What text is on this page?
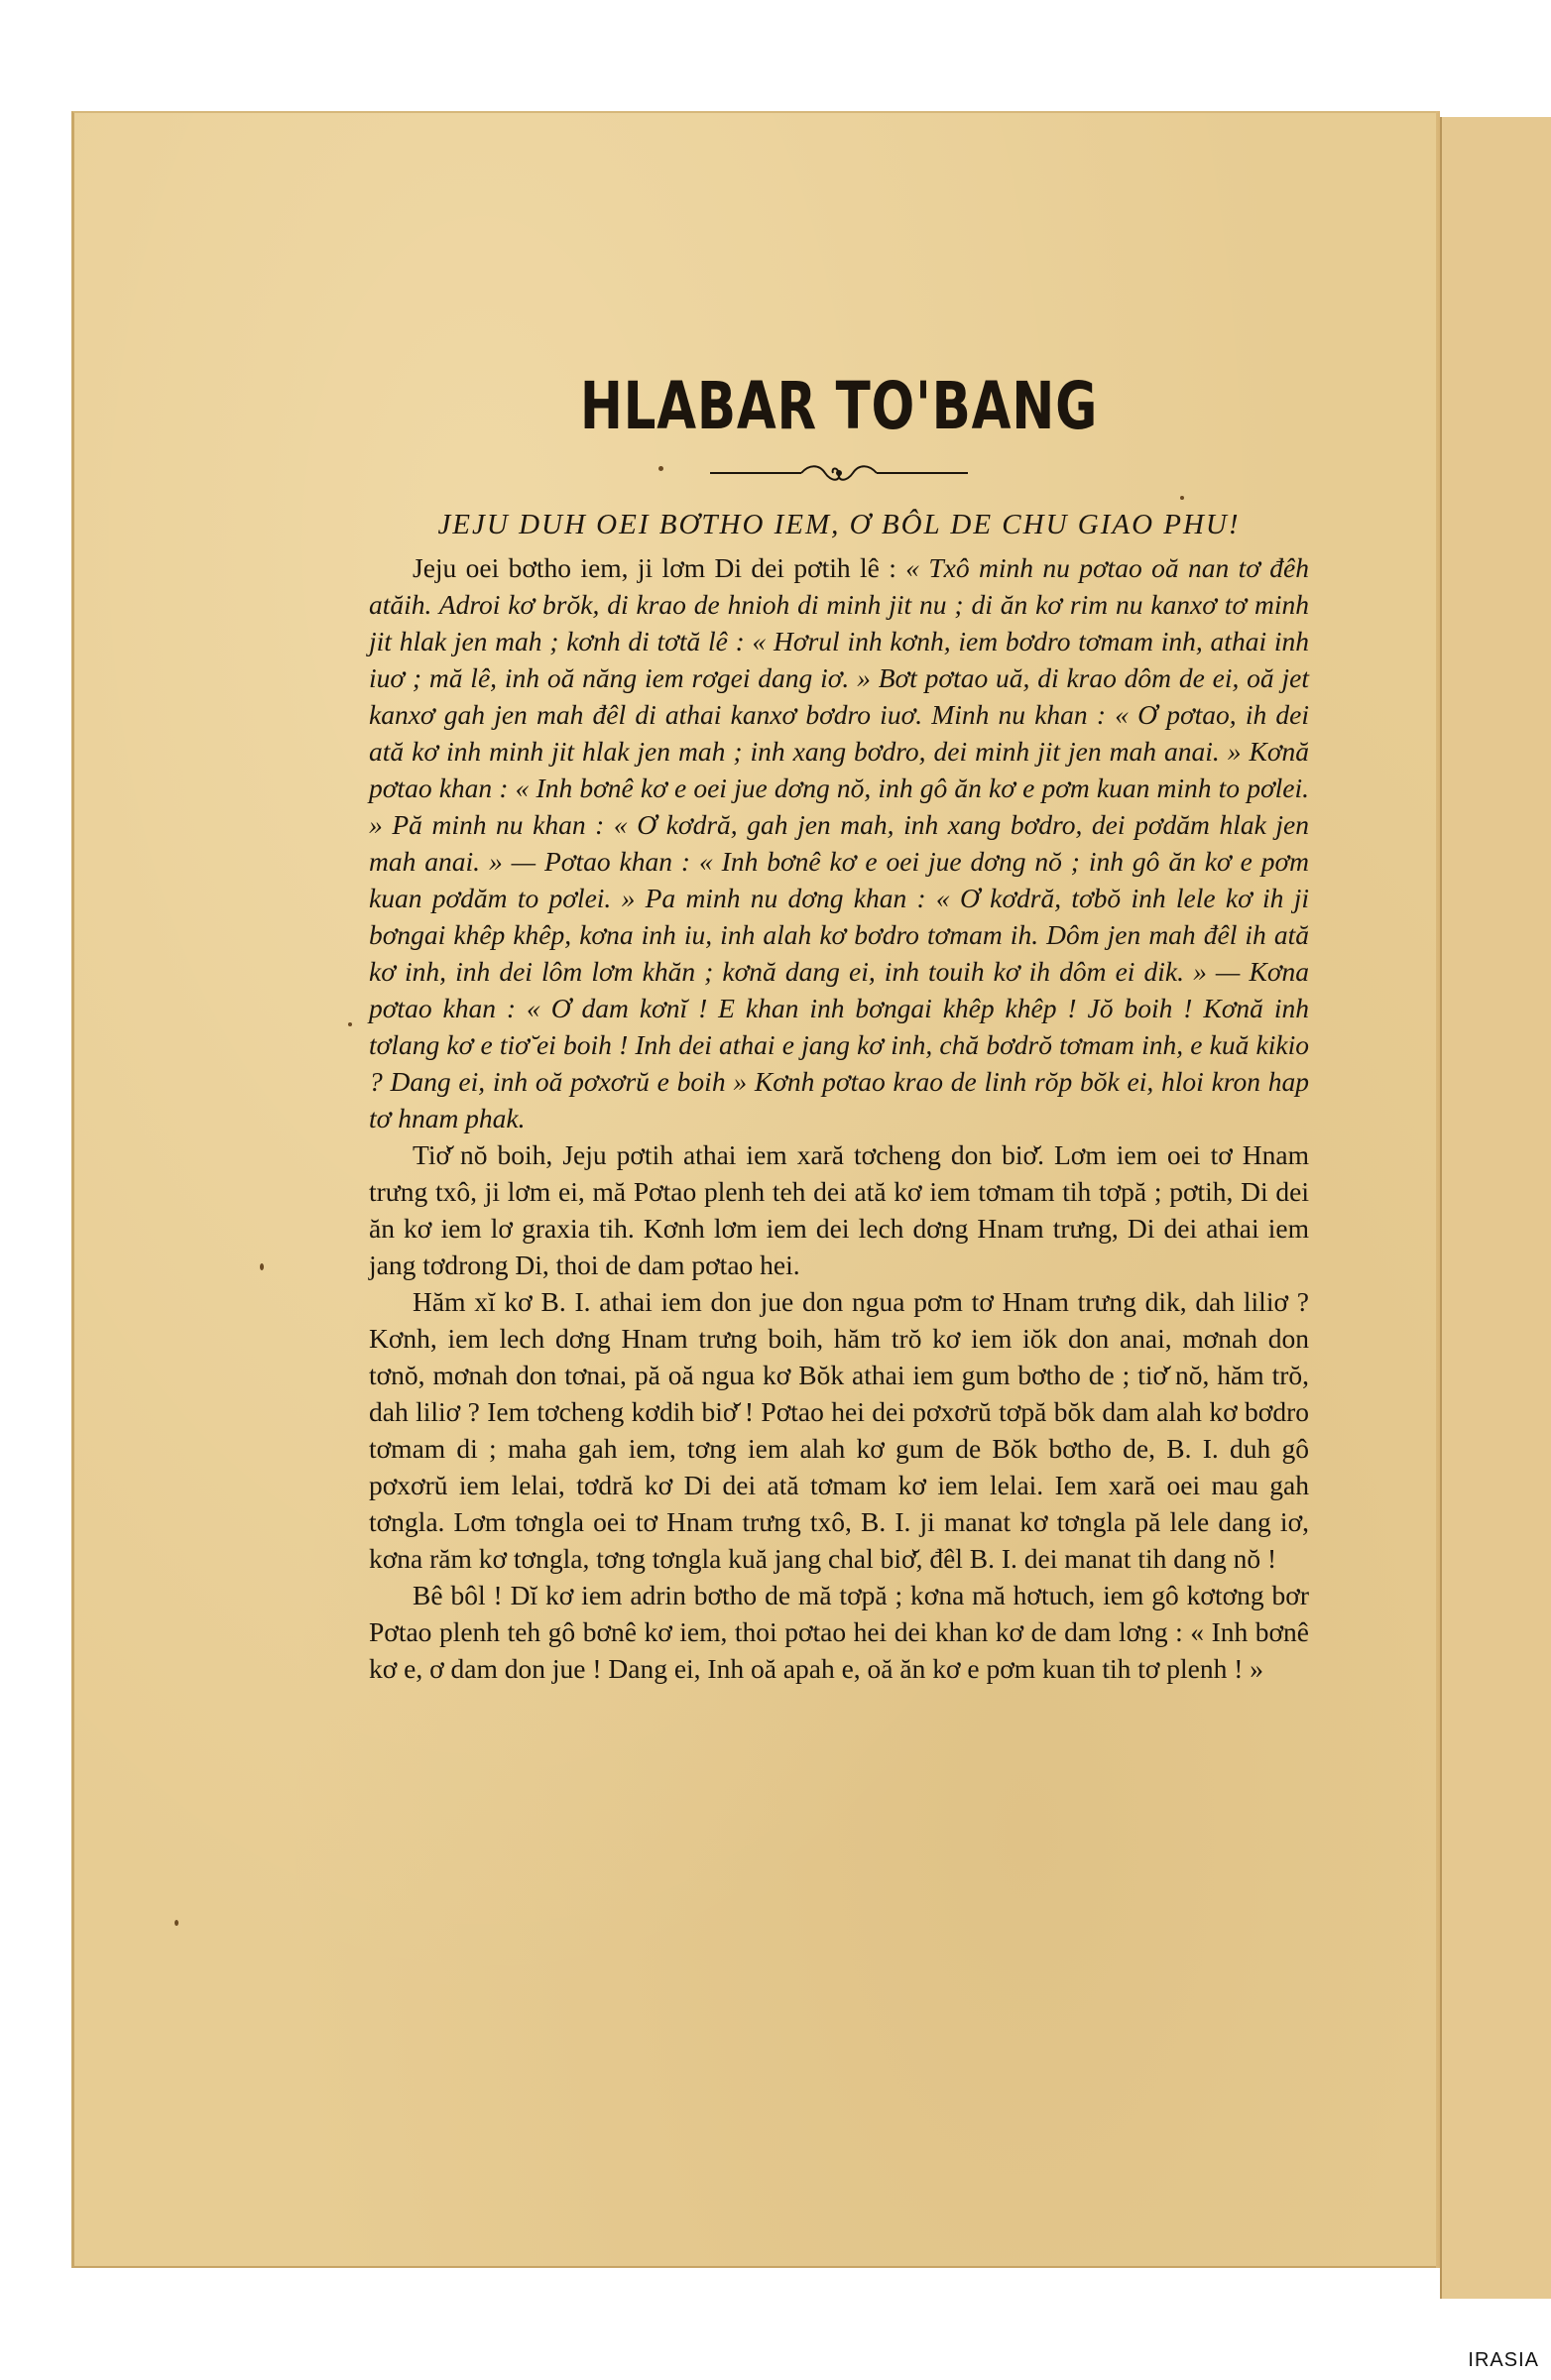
HLABAR TO'BANG

JEJU DUH OEI BƠTHO IEM, Ơ BÔL DE CHU GIAO PHU!

Jeju oei bơtho iem, ji lơm Di dei pơtih lê : « Txô minh nu pơtao oă nan tơ đêh atăih. Adroi kơ brŏk, di krao de hnioh di minh jit nu ; di ăn kơ rim nu kanxơ tơ minh jit hlak jen mah ; kơnh di tơtă lê : « Hơrul inh kơnh, iem bơdro tơmam inh, athai inh iuơ ; mă lê, inh oă năng iem rơgei dang iơ. » Bơt pơtao uă, di krao dôm de ei, oă jet kanxơ gah jen mah đêl di athai kanxơ bơdro iuơ. Minh nu khan : « Ơ pơtao, ih dei ată kơ inh minh jit hlak jen mah ; inh xang bơdro, dei minh jit jen mah anai. » Kơnă pơtao khan : « Inh bơnê kơ e oei jue dơng nŏ, inh gô ăn kơ e pơm kuan minh to pơlei. » Pă minh nu khan : « Ơ kơdră, gah jen mah, inh xang bơdro, dei pơdăm hlak jen mah anai. » — Pơtao khan : « Inh bơnê kơ e oei jue dơng nŏ ; inh gô ăn kơ e pơm kuan pơdăm to pơlei. » Pa minh nu dơng khan : « Ơ kơdră, tơbŏ inh lele kơ ih ji bơngai khêp khêp, kơna inh iu, inh alah kơ bơdro tơmam ih. Dôm jen mah đêl ih ată kơ inh, inh dei lôm lơm khăn ; kơnă dang ei, inh touih kơ ih dôm ei dik. » — Kơna pơtao khan : « Ơ dam kơnĭ ! E khan inh bơngai khêp khêp ! Jŏ boih ! Kơnă inh tơlang kơ e tiơ̆ ei boih ! Inh dei athai e jang kơ inh, chă bơdrŏ tơmam inh, e kuă kikio ? Dang ei, inh oă pơxơrŭ e boih » Kơnh pơtao krao de linh rŏp bŏk ei, hloi kron hap tơ hnam phak.

Tiơ̆ nŏ boih, Jeju pơtih athai iem xară tơcheng don biơ̆. Lơm iem oei tơ Hnam trưng txô, ji lơm ei, mă Pơtao plenh teh dei ată kơ iem tơmam tih tơpă ; pơtih, Di dei ăn kơ iem lơ graxia tih. Kơnh lơm iem dei lech dơng Hnam trưng, Di dei athai iem jang tơdrong Di, thoi de dam pơtao hei.

Hăm xĭ kơ B. I. athai iem don jue don ngua pơm tơ Hnam trưng dik, dah liliơ ? Kơnh, iem lech dơng Hnam trưng boih, hăm trŏ kơ iem iŏk don anai, mơnah don tơnŏ, mơnah don tơnai, pă oă ngua kơ Bŏk athai iem gum bơtho de ; tiơ̆ nŏ, hăm trŏ, dah liliơ ? Iem tơcheng kơdih biơ̆ ! Pơtao hei dei pơxơrŭ tơpă bŏk dam alah kơ bơdro tơmam di ; maha gah iem, tơng iem alah kơ gum de Bŏk bơtho de, B. I. duh gô pơxơrŭ iem lelai, tơdră kơ Di dei ată tơmam kơ iem lelai. Iem xară oei mau gah tơngla. Lơm tơngla oei tơ Hnam trưng txô, B. I. ji manat kơ tơngla pă lele dang iơ, kơna răm kơ tơngla, tơng tơngla kuă jang chal biơ̆, đêl B. I. dei manat tih dang nŏ !

Bê bôl ! Dĭ kơ iem adrin bơtho de mă tơpă ; kơna mă hơtuch, iem gô kơtơng bơr Pơtao plenh teh gô bơnê kơ iem, thoi pơtao hei dei khan kơ de dam lơng : « Inh bơnê kơ e, ơ dam don jue ! Dang ei, Inh oă apah e, oă ăn kơ e pơm kuan tih tơ plenh ! »

IRASIA
